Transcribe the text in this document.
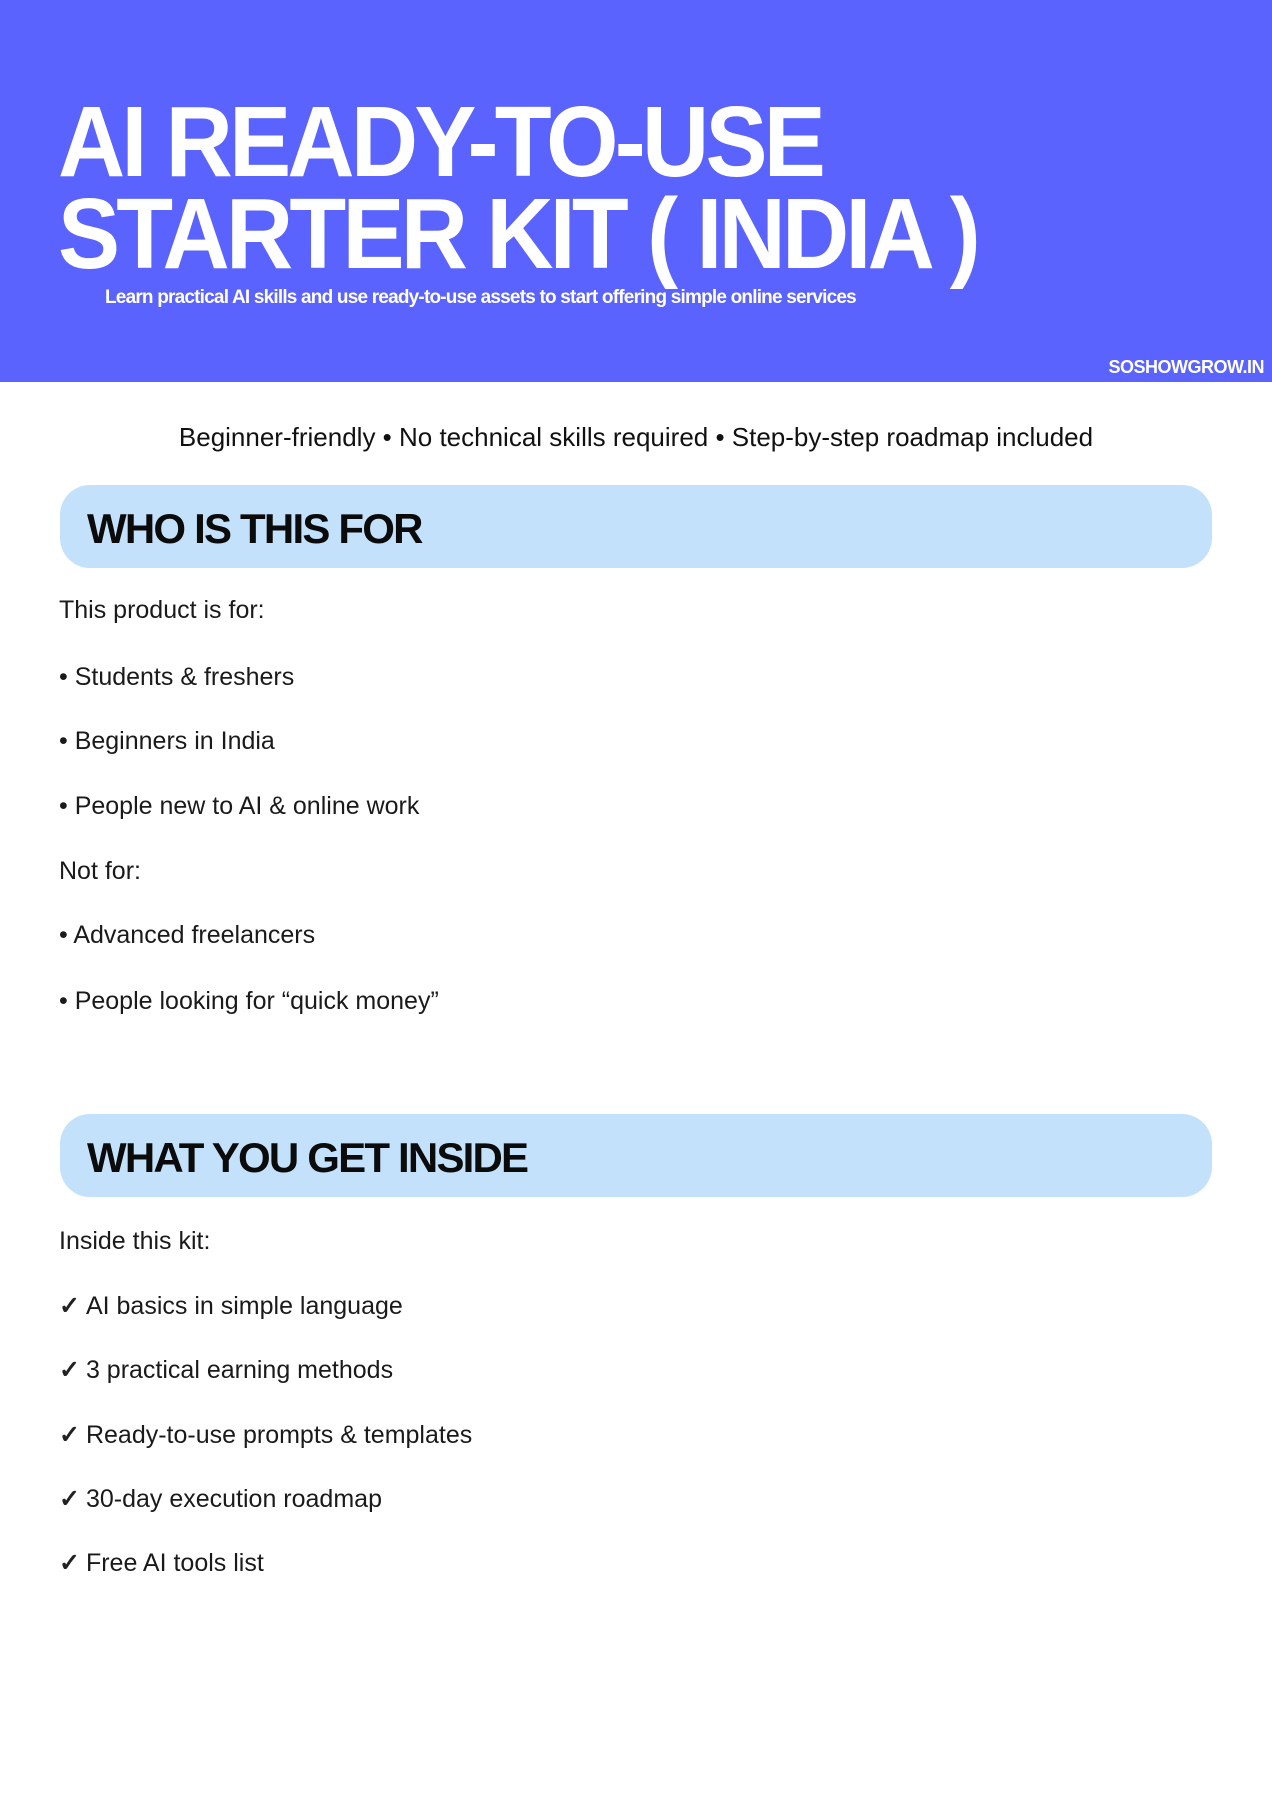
AI READY-TO-USE
STARTER KIT ( INDIA )
Learn practical AI skills and use ready-to-use assets to start offering simple online services
SOSHOWGROW.IN
Beginner-friendly • No technical skills required • Step-by-step roadmap included
WHO IS THIS FOR
This product is for:
• Students & freshers
• Beginners in India
• People new to AI & online work
Not for:
• Advanced freelancers
• People looking for “quick money”
WHAT YOU GET INSIDE
Inside this kit:
✓ AI basics in simple language
✓ 3 practical earning methods
✓ Ready-to-use prompts & templates
✓ 30-day execution roadmap
✓ Free AI tools list
